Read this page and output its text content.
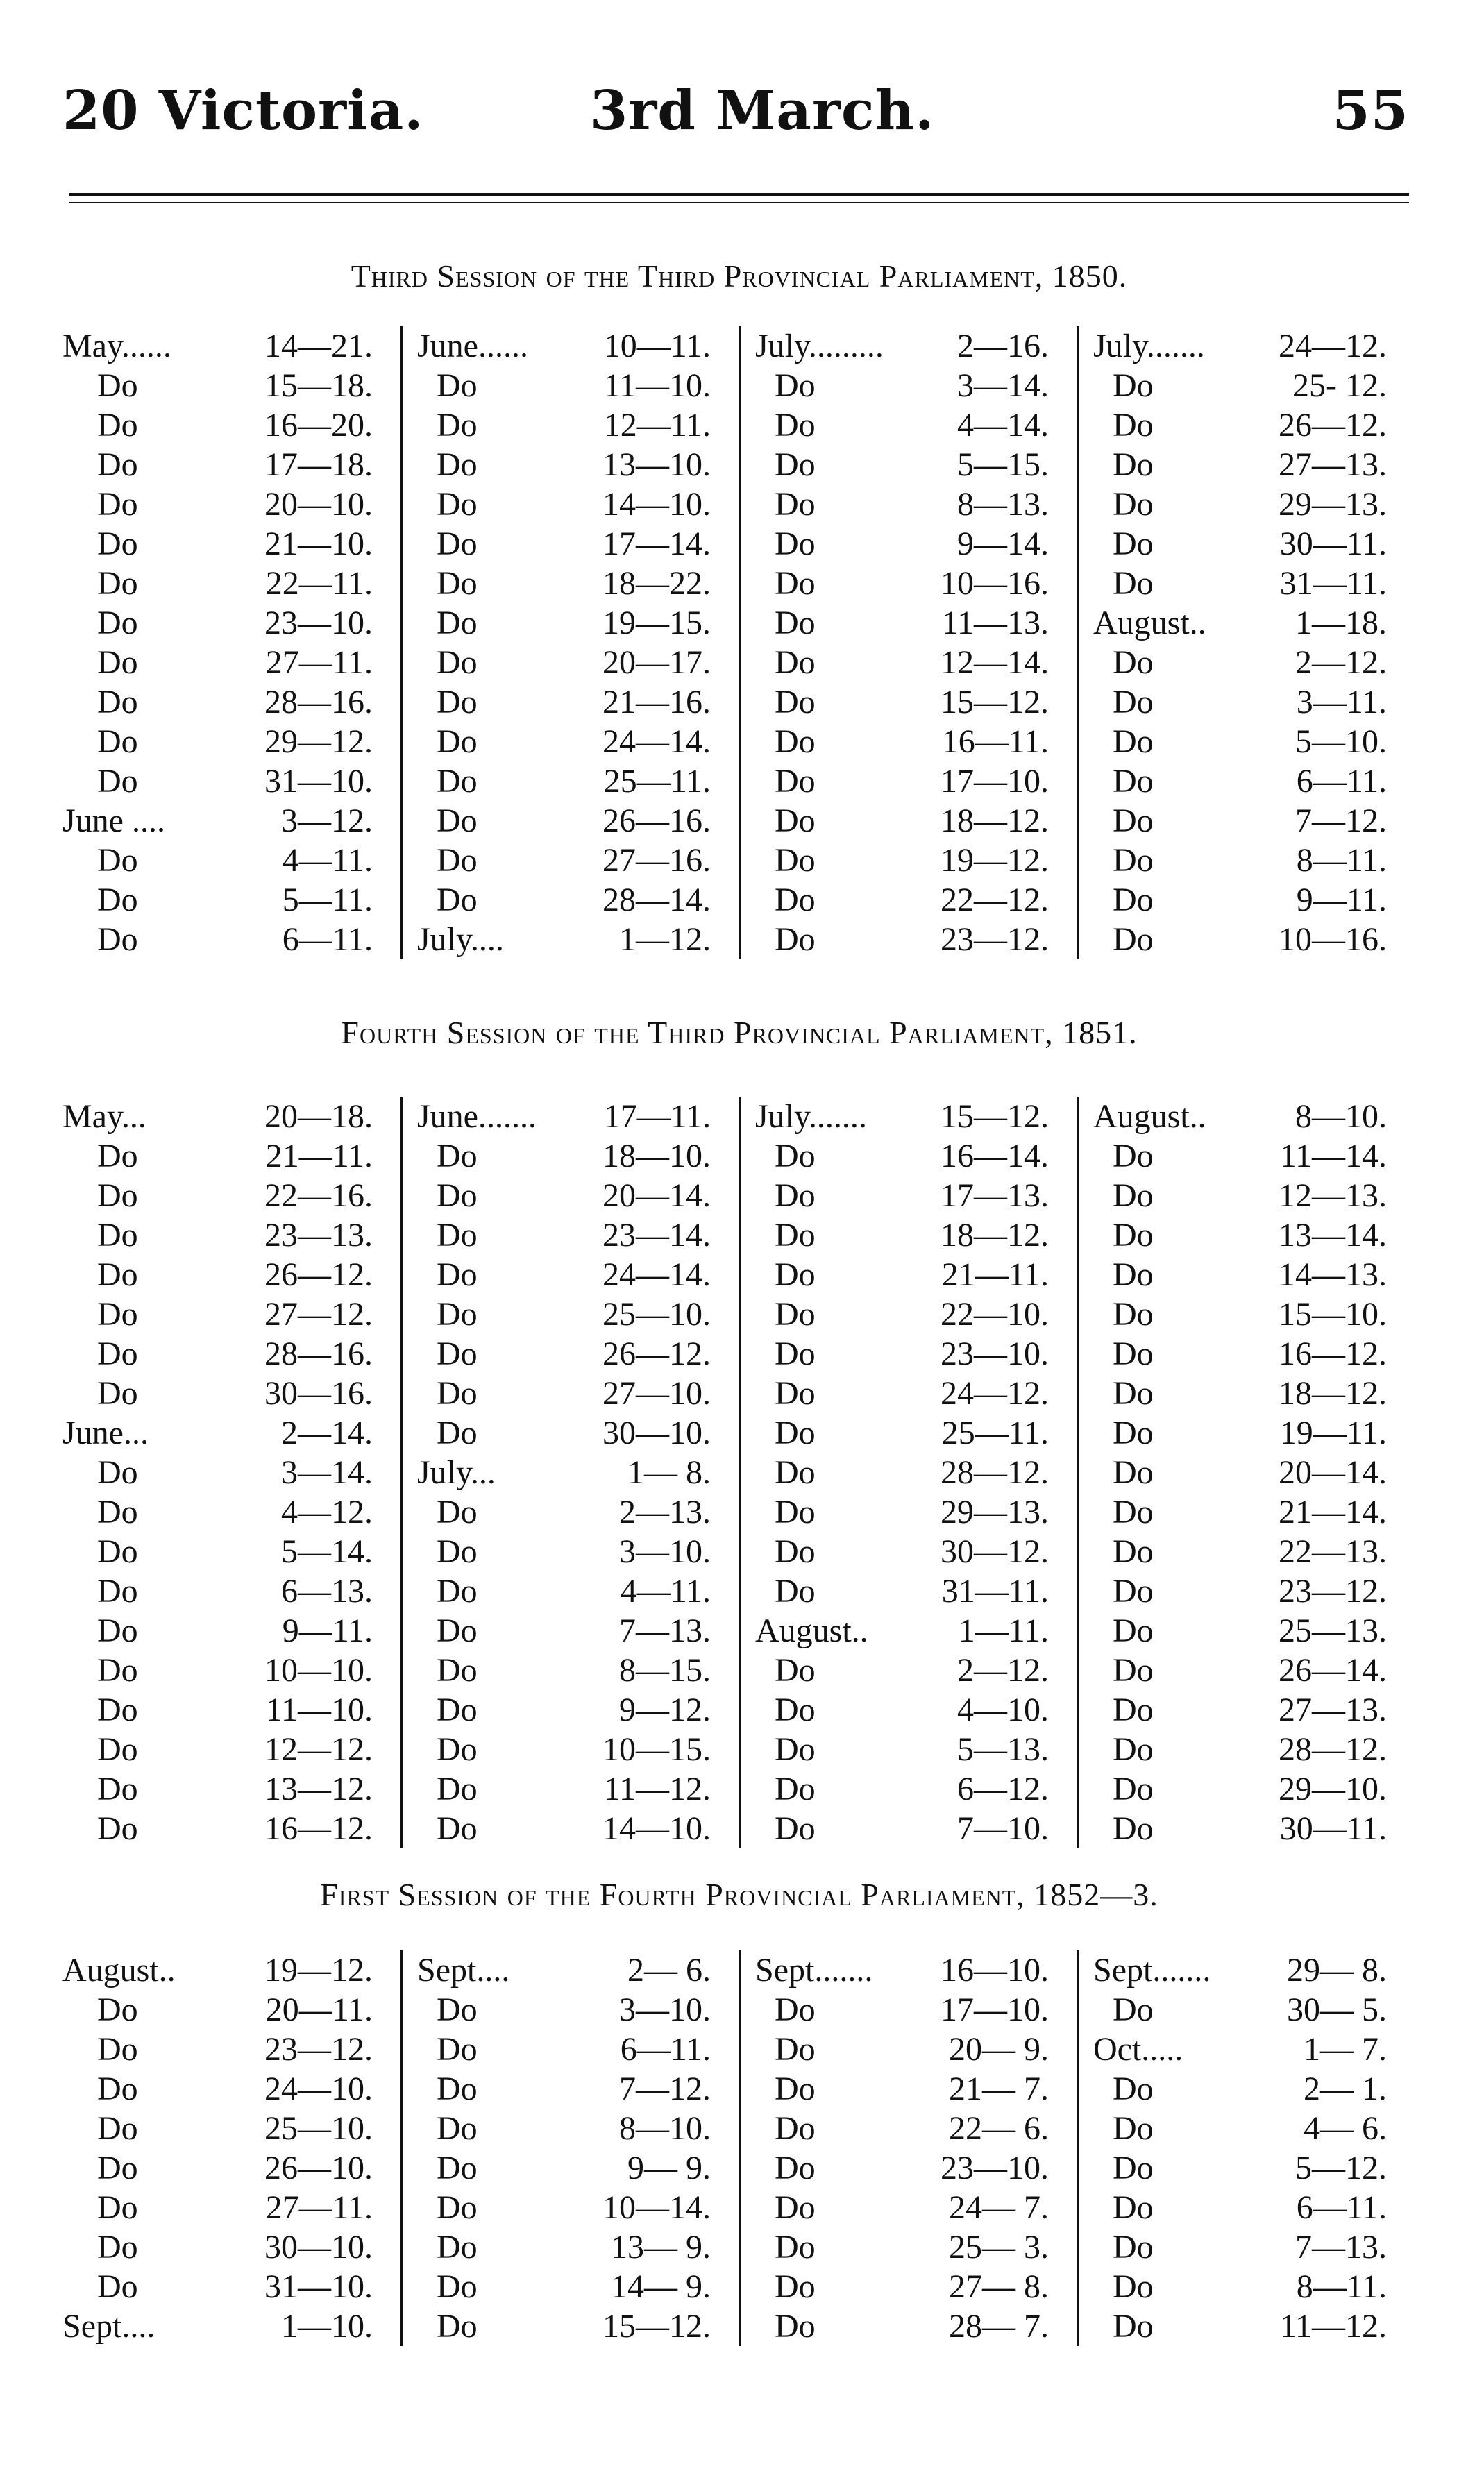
20 Victoria.	3rd March.	55
Third Session of the Third Provincial Parliament, 1850.
May......	14—21.
Do	15—18.
Do	16—20.
Do	17—18.
Do	20—10.
Do	21—10.
Do	22—11.
Do	23—10.
Do	27—11.
Do	28—16.
Do	29—12.
Do	31—10.
June ....	3—12.
Do	4—11.
Do	5—11.
Do	6—11.
June...... 10—11.
Do	11—10.
Do	12—11.
Do	13—10.
Do	14—10.
Do	17—14.
Do	18—22.
Do	19—15.
Do	20—17.
Do	21—16.
Do	24—14.
Do	25—11.
Do	26—16.
Do	27—16.
Do	28—14.
July....	1—12.
July......... 2—16.
Do	3—14.
Do	4—14.
Do	5—15.
Do	8—13.
Do	9—14.
Do	10—16.
Do	11—13.
Do	12—14.
Do	15—12.
Do	16—11.
Do	17—10.
Do	18—12.
Do	19—12.
Do	22—12.
Do	23—12.
July....... 24—12.
Do	25- 12.
Do	26—12.
Do	27—13.
Do	29—13.
Do	30—11.
Do	31—11.
August..	1—18.
Do	2—12.
Do	3—11.
Do	5—10.
Do	6—11.
Do	7—12.
Do	8—11.
Do	9—11.
Do	10—16.
Fourth Session of the Third Provincial Parliament, 1851.
May...	20—18.
Do	21—11.
Do	22—16.
Do	23—13.
Do	26—12.
Do	27—12.
Do	28—16.
Do	30—16.
June...	2—14.
Do	3—14.
Do	4—12.
Do	5—14.
Do	6—13.
Do	9—11.
Do	10—10.
Do	11—10.
Do	12—12.
Do	13—12.
Do	16—12.
June....... 17—11.
Do	18—10.
Do	20—14.
Do	23—14.
Do	24—14.
Do	25—10.
Do	26—12.
Do	27—10.
Do	30—10.
July...	1— 8.
Do	2—13.
Do	3—10.
Do	4—11.
Do	7—13.
Do	8—15.
Do	9—12.
Do	10—15.
Do	11—12.
Do	14—10.
July....... 15—12.
Do	16—14.
Do	17—13.
Do	18—12.
Do	21—11.
Do	22—10.
Do	23—10.
Do	24—12.
Do	25—11.
Do	28—12.
Do	29—13.
Do	30—12.
Do	31—11.
August..	1—11.
Do	2—12.
Do	4—10.
Do	5—13.
Do	6—12.
Do	7—10.
August..	8—10.
Do	11—14.
Do	12—13.
Do	13—14.
Do	14—13.
Do	15—10.
Do	16—12.
Do	18—12.
Do	19—11.
Do	20—14.
Do	21—14.
Do	22—13.
Do	23—12.
Do	25—13.
Do	26—14.
Do	27—13.
Do	28—12.
Do	29—10.
Do	30—11.
First Session of the Fourth Provincial Parliament, 1852—3.
August..	19—12.
Do	20—11.
Do	23—12.
Do	24—10.
Do	25—10.
Do	26—10.
Do	27—11.
Do	30—10.
Do	31—10.
Sept....	1—10.
Sept....	2— 6.
Do	3—10.
Do	6—11.
Do	7—12.
Do	8—10.
Do	9— 9.
Do	10—14.
Do	13— 9.
Do	14— 9.
Do	15—12.
Sept....... 16—10.
Do	17—10.
Do	20— 9.
Do	21— 7.
Do	22— 6.
Do	23—10.
Do	24— 7.
Do	25— 3.
Do	27— 8.
Do	28— 7.
Sept....... 29— 8.
Do	30— 5.
Oct.....	1— 7.
Do	2— 1.
Do	4— 6.
Do	5—12.
Do	6—11.
Do	7—13.
Do	8—11.
Do	11—12.
